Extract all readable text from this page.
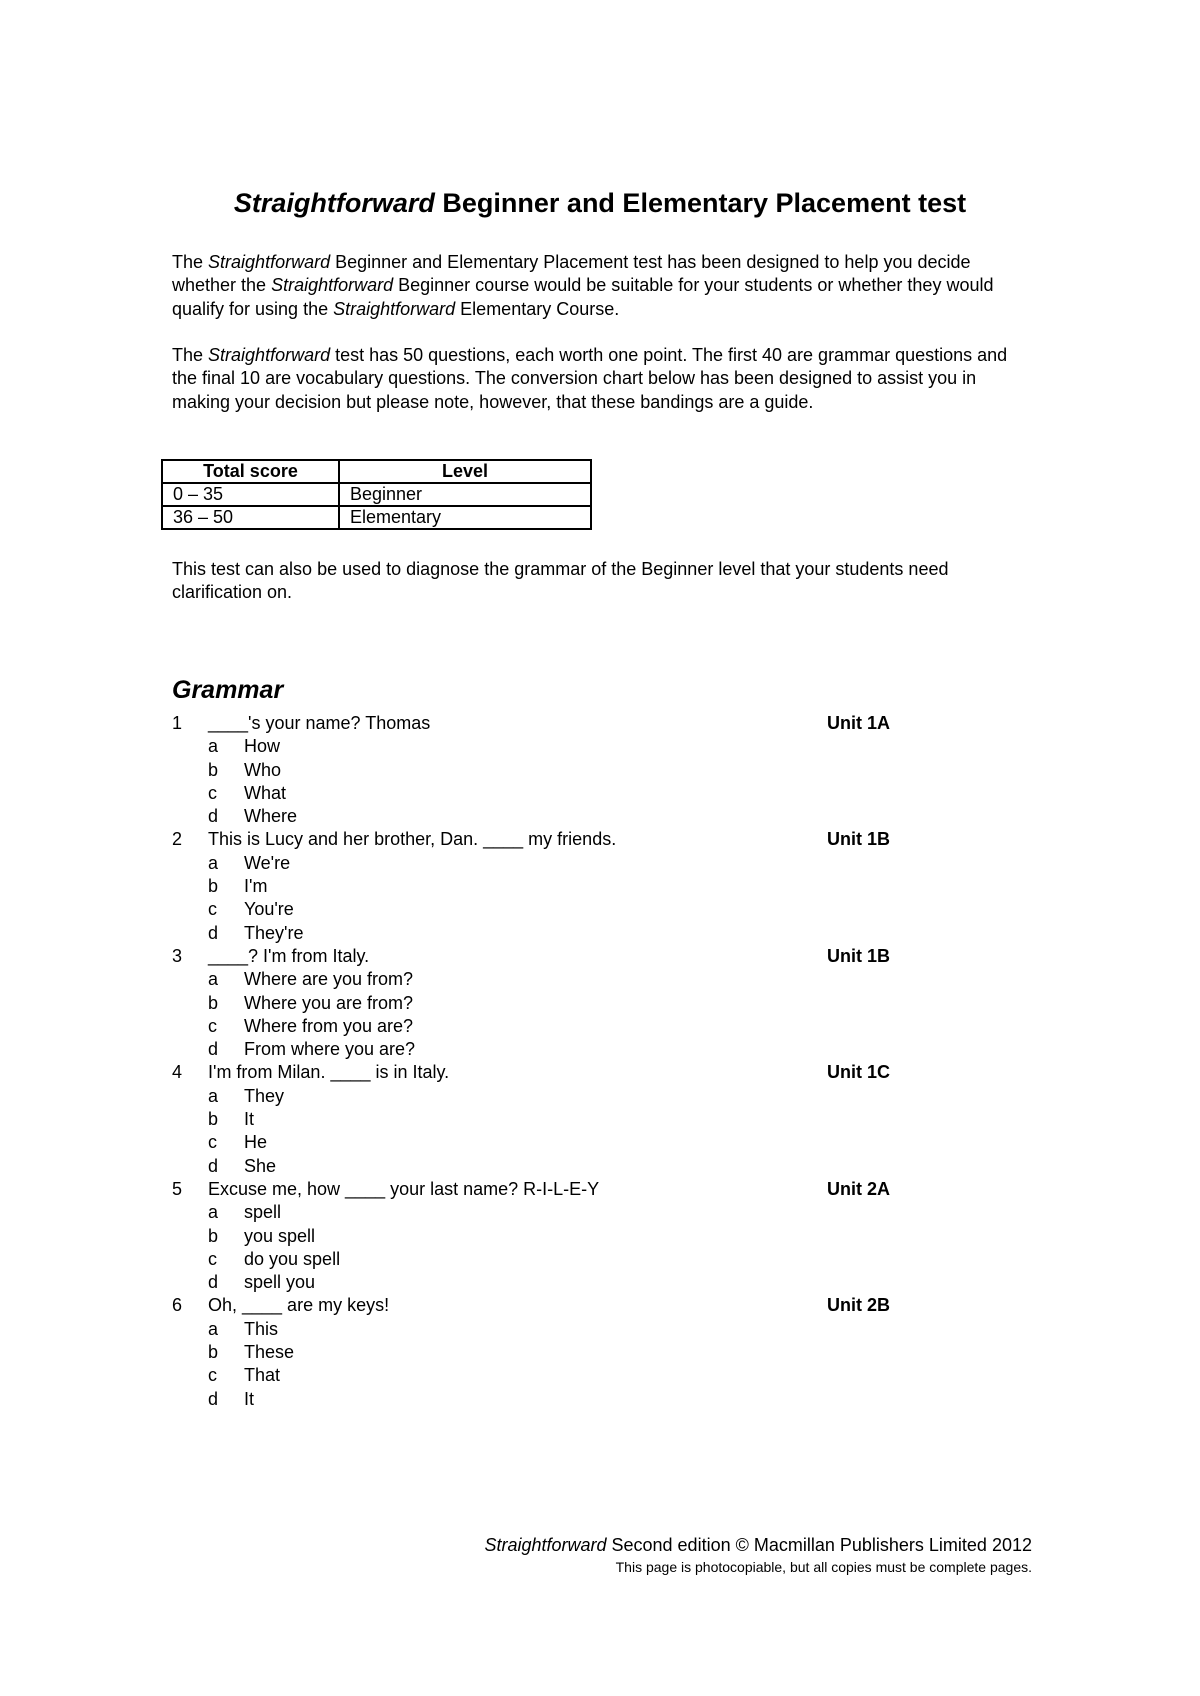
Straightforward Beginner and Elementary Placement test
The Straightforward Beginner and Elementary Placement test has been designed to help you decide whether the Straightforward Beginner course would be suitable for your students or whether they would qualify for using the Straightforward Elementary Course.
The Straightforward test has 50 questions, each worth one point. The first 40 are grammar questions and the final 10 are vocabulary questions. The conversion chart below has been designed to assist you in making your decision but please note, however, that these bandings are a guide.
Total score	Level
0 – 35	Beginner
36 – 50	Elementary
This test can also be used to diagnose the grammar of the Beginner level that your students need clarification on.
Grammar
1 ____'s your name? Thomas	Unit 1A
a How
b Who
c What
d Where
2 This is Lucy and her brother, Dan. ____ my friends.	Unit 1B
a We're
b I'm
c You're
d They're
3 ____? I'm from Italy.	Unit 1B
a Where are you from?
b Where you are from?
c Where from you are?
d From where you are?
4 I'm from Milan. ____ is in Italy.	Unit 1C
a They
b It
c He
d She
5 Excuse me, how ____ your last name? R-I-L-E-Y	Unit 2A
a spell
b you spell
c do you spell
d spell you
6 Oh, ____ are my keys!	Unit 2B
a This
b These
c That
d It
Straightforward Second edition © Macmillan Publishers Limited 2012
This page is photocopiable, but all copies must be complete pages.
